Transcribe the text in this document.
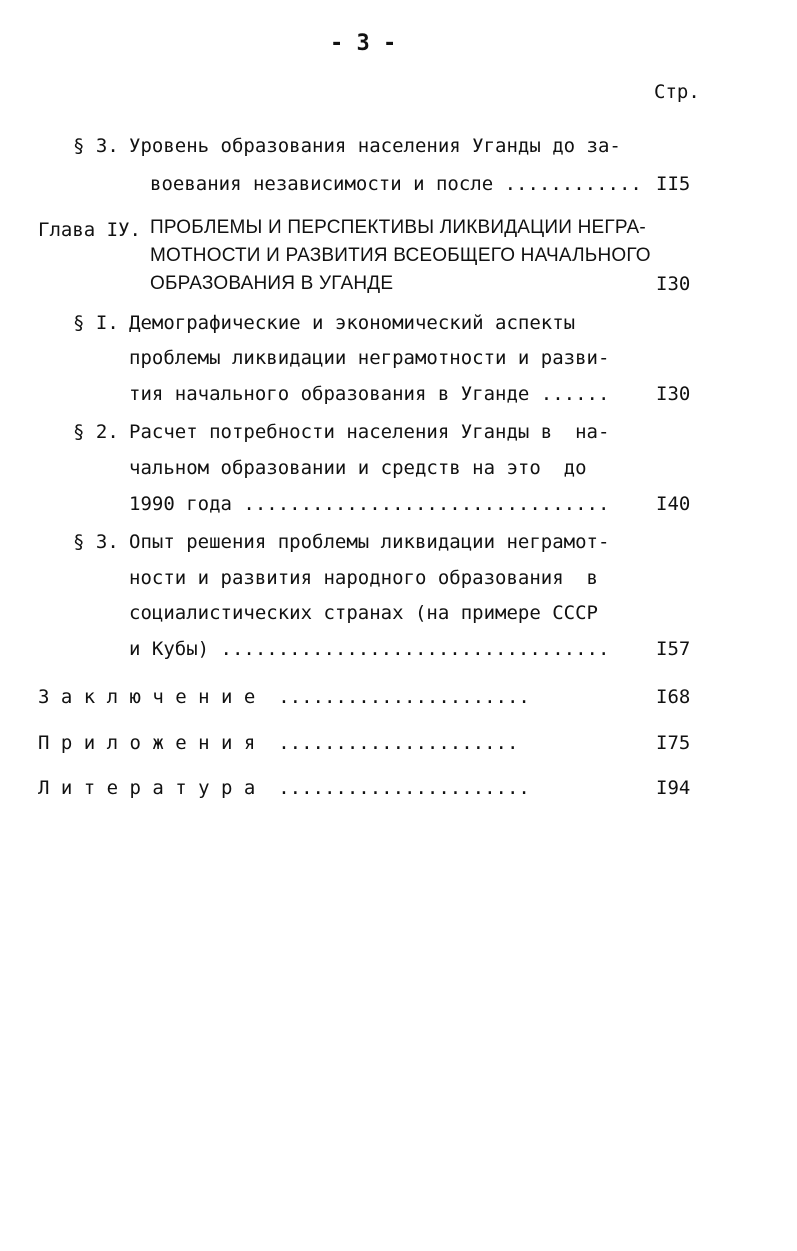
- 3 -
Стр.
§ 3. Уровень образования населения Уганды до за-
воевания независимости и после ............ II5
Глава IУ. ПРОБЛЕМЫ И ПЕРСПЕКТИВЫ ЛИКВИДАЦИИ НЕГРА-
МОТНОСТИ И РАЗВИТИЯ ВСЕОБЩЕГО НАЧАЛЬНОГО
ОБРАЗОВАНИЯ В УГАНДЕ	I30
§ I. Демографические и экономический аспекты
проблемы ликвидации неграмотности и разви-
тия начального образования в Уганде ...... I30
§ 2. Расчет потребности населения Уганды в  на-
чальном образовании и средств на это  до
1990 года ................................ I40
§ 3. Опыт решения проблемы ликвидации неграмот-
ности и развития народного образования  в
социалистических странах (на примере СССР
и Кубы) .................................. I57
З а к л ю ч е н и е  ......................	I68
П р и л о ж е н и я  .....................	I75
Л и т е р а т у р а  ......................	I94
